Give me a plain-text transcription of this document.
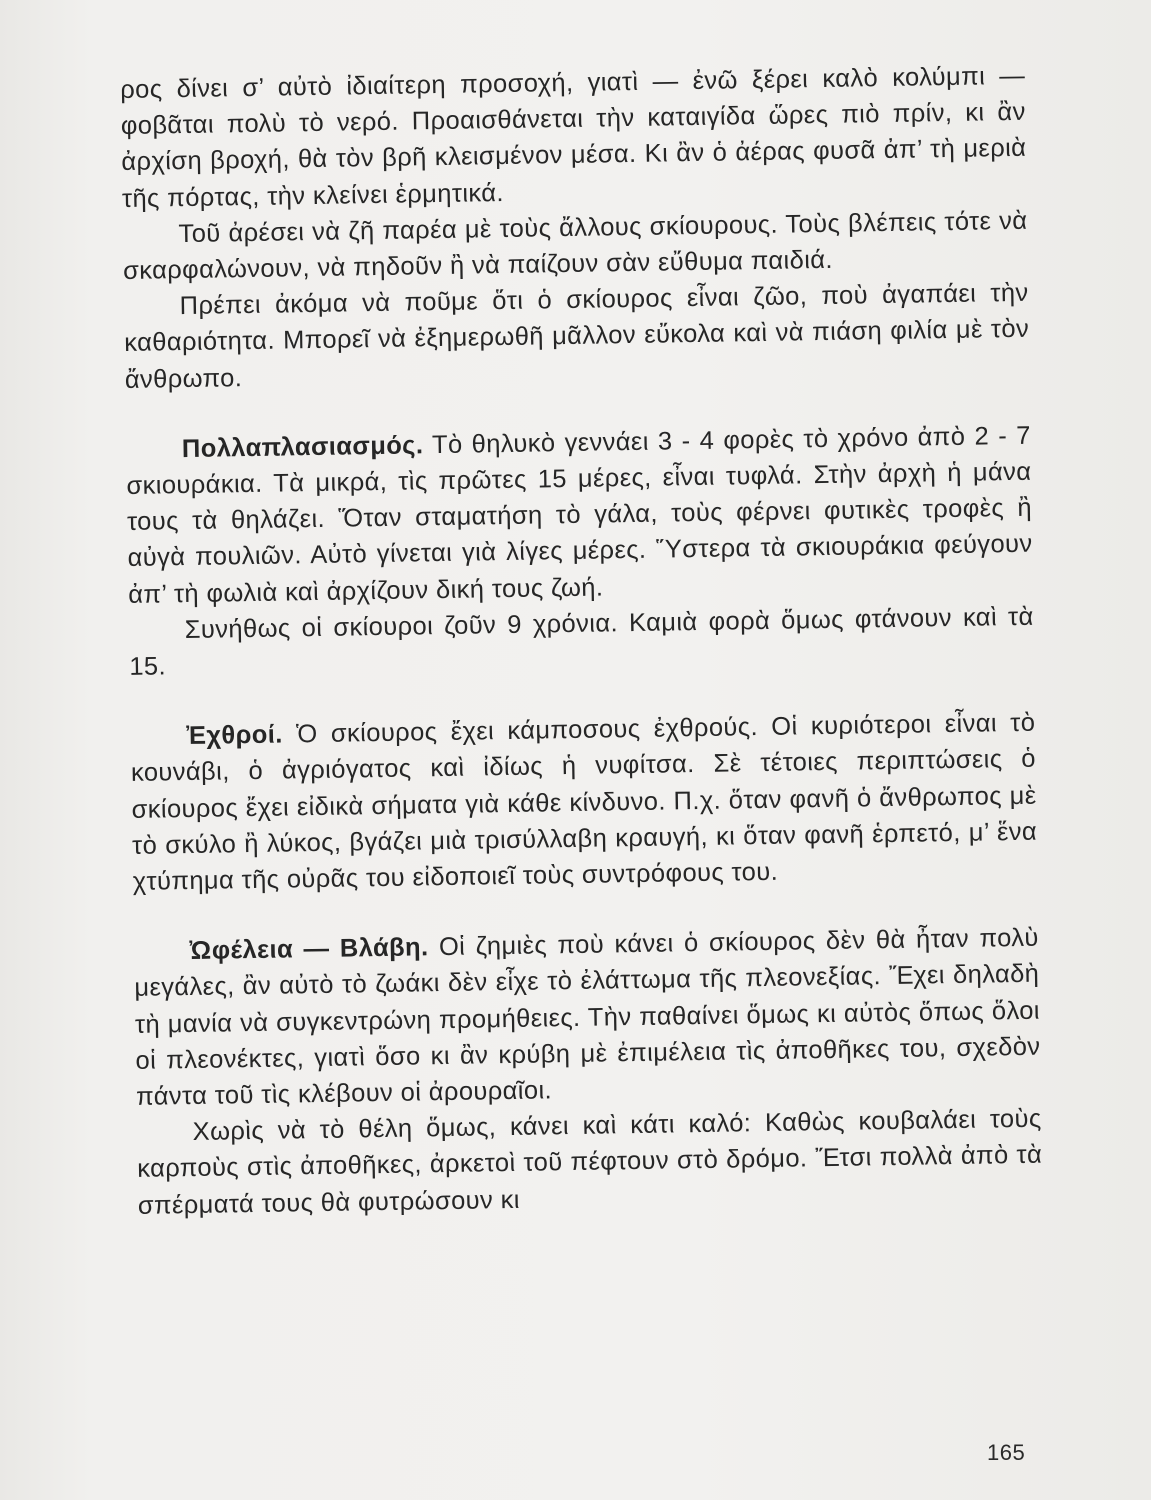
ρος δίνει σ’ αὐτὸ ἰδιαίτερη προσοχή, γιατὶ — ἐνῶ ξέρει καλὸ κολύμπι — φοβᾶται πολὺ τὸ νερό. Προαισθάνεται τὴν καταιγίδα ὥρες πιὸ πρίν, κι ἂν ἀρχίση βροχή, θὰ τὸν βρῆ κλεισμένον μέσα. Κι ἂν ὁ ἀέρας φυσᾶ ἀπ’ τὴ μεριὰ τῆς πόρτας, τὴν κλείνει ἑρμητικά.

Τοῦ ἀρέσει νὰ ζῆ παρέα μὲ τοὺς ἄλλους σκίουρους. Τοὺς βλέπεις τότε νὰ σκαρφαλώνουν, νὰ πηδοῦν ἢ νὰ παίζουν σὰν εὔθυμα παιδιά.

Πρέπει ἀκόμα νὰ ποῦμε ὅτι ὁ σκίουρος εἶναι ζῶο, ποὺ ἀγαπάει τὴν καθαριότητα. Μπορεῖ νὰ ἐξημερωθῆ μᾶλλον εὔκολα καὶ νὰ πιάση φιλία μὲ τὸν ἄνθρωπο.

Πολλαπλασιασμός. Τὸ θηλυκὸ γεννάει 3 - 4 φορὲς τὸ χρόνο ἀπὸ 2 - 7 σκιουράκια. Τὰ μικρά, τὶς πρῶτες 15 μέρες, εἶναι τυφλά. Στὴν ἀρχὴ ἡ μάνα τους τὰ θηλάζει. Ὅταν σταματήση τὸ γάλα, τοὺς φέρνει φυτικὲς τροφὲς ἢ αὐγὰ πουλιῶν. Αὐτὸ γίνεται γιὰ λίγες μέρες. Ὕστερα τὰ σκιουράκια φεύγουν ἀπ’ τὴ φωλιὰ καὶ ἀρχίζουν δική τους ζωή.

Συνήθως οἱ σκίουροι ζοῦν 9 χρόνια. Καμιὰ φορὰ ὅμως φτάνουν καὶ τὰ 15.

Ἐχθροί. Ὁ σκίουρος ἔχει κάμποσους ἐχθρούς. Οἱ κυριότεροι εἶναι τὸ κουνάβι, ὁ ἀγριόγατος καὶ ἰδίως ἡ νυφίτσα. Σὲ τέτοιες περιπτώσεις ὁ σκίουρος ἔχει εἰδικὰ σήματα γιὰ κάθε κίνδυνο. Π.χ. ὅταν φανῆ ὁ ἄνθρωπος μὲ τὸ σκύλο ἢ λύκος, βγάζει μιὰ τρισύλλαβη κραυγή, κι ὅταν φανῆ ἑρπετό, μ’ ἕνα χτύπημα τῆς οὐρᾶς του εἰδοποιεῖ τοὺς συντρόφους του.

Ὠφέλεια — Βλάβη. Οἱ ζημιὲς ποὺ κάνει ὁ σκίουρος δὲν θὰ ἦταν πολὺ μεγάλες, ἂν αὐτὸ τὸ ζωάκι δὲν εἶχε τὸ ἐλάττωμα τῆς πλεονεξίας. Ἔχει δηλαδὴ τὴ μανία νὰ συγκεντρώνη προμήθειες. Τὴν παθαίνει ὅμως κι αὐτὸς ὅπως ὅλοι οἱ πλεονέκτες, γιατὶ ὅσο κι ἂν κρύβη μὲ ἐπιμέλεια τὶς ἀποθῆκες του, σχεδὸν πάντα τοῦ τὶς κλέβουν οἱ ἀρουραῖοι.

Χωρὶς νὰ τὸ θέλη ὅμως, κάνει καὶ κάτι καλό: Καθὼς κουβαλάει τοὺς καρποὺς στὶς ἀποθῆκες, ἀρκετοὶ τοῦ πέφτουν στὸ δρόμο. Ἔτσι πολλὰ ἀπὸ τὰ σπέρματά τους θὰ φυτρώσουν κι

165
